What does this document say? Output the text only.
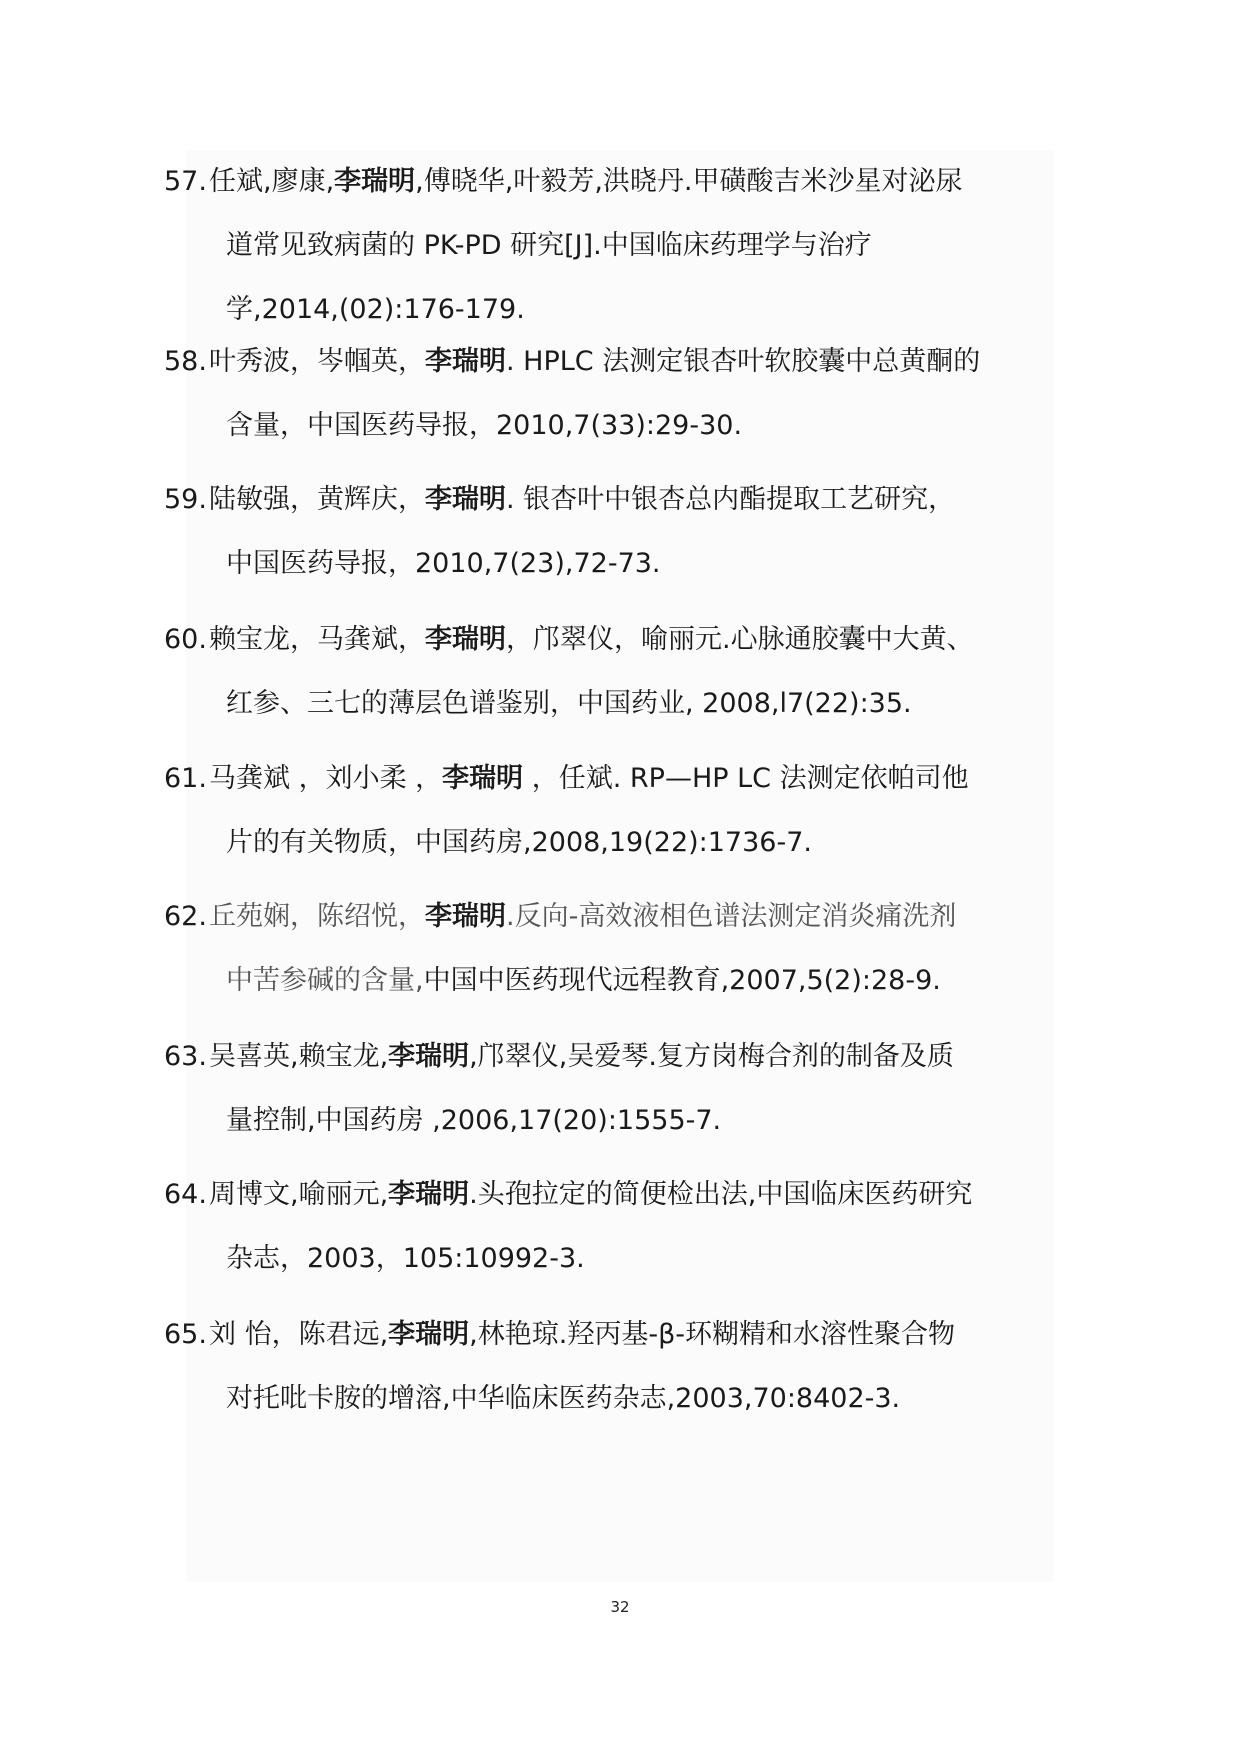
57. 任斌,廖康,李瑞明,傅晓华,叶毅芳,洪晓丹.甲磺酸吉米沙星对泌尿
道常见致病菌的 PK-PD 研究[J].中国临床药理学与治疗
学,2014,(02):176-179.
58. 叶秀波，岑帼英，李瑞明. HPLC 法测定银杏叶软胶囊中总黄酮的
含量，中国医药导报，2010,7(33):29-30.
59. 陆敏强，黄辉庆，李瑞明. 银杏叶中银杏总内酯提取工艺研究，
中国医药导报，2010,7(23),72-73.
60. 赖宝龙，马龚斌，李瑞明，邝翠仪，喻丽元.心脉通胶囊中大黄、
红参、三七的薄层色谱鉴别，中国药业, 2008,l7(22):35.
61. 马龚斌 ，刘小柔 ，李瑞明 ，任斌. RP—HP LC 法测定依帕司他
片的有关物质，中国药房,2008,19(22):1736-7.
62. 丘苑娴，陈绍悦，李瑞明.反向-高效液相色谱法测定消炎痛洗剂
中苦参碱的含量,中国中医药现代远程教育,2007,5(2):28-9.
63. 吴喜英,赖宝龙,李瑞明,邝翠仪,吴爱琴.复方岗梅合剂的制备及质
量控制,中国药房 ,2006,17(20):1555-7.
64. 周博文,喻丽元,李瑞明.头孢拉定的简便检出法,中国临床医药研究
杂志，2003，105:10992-3.
65. 刘 怡，陈君远,李瑞明,林艳琼.羟丙基-β-环糊精和水溶性聚合物
对托吡卡胺的增溶,中华临床医药杂志,2003,70:8402-3.
32
